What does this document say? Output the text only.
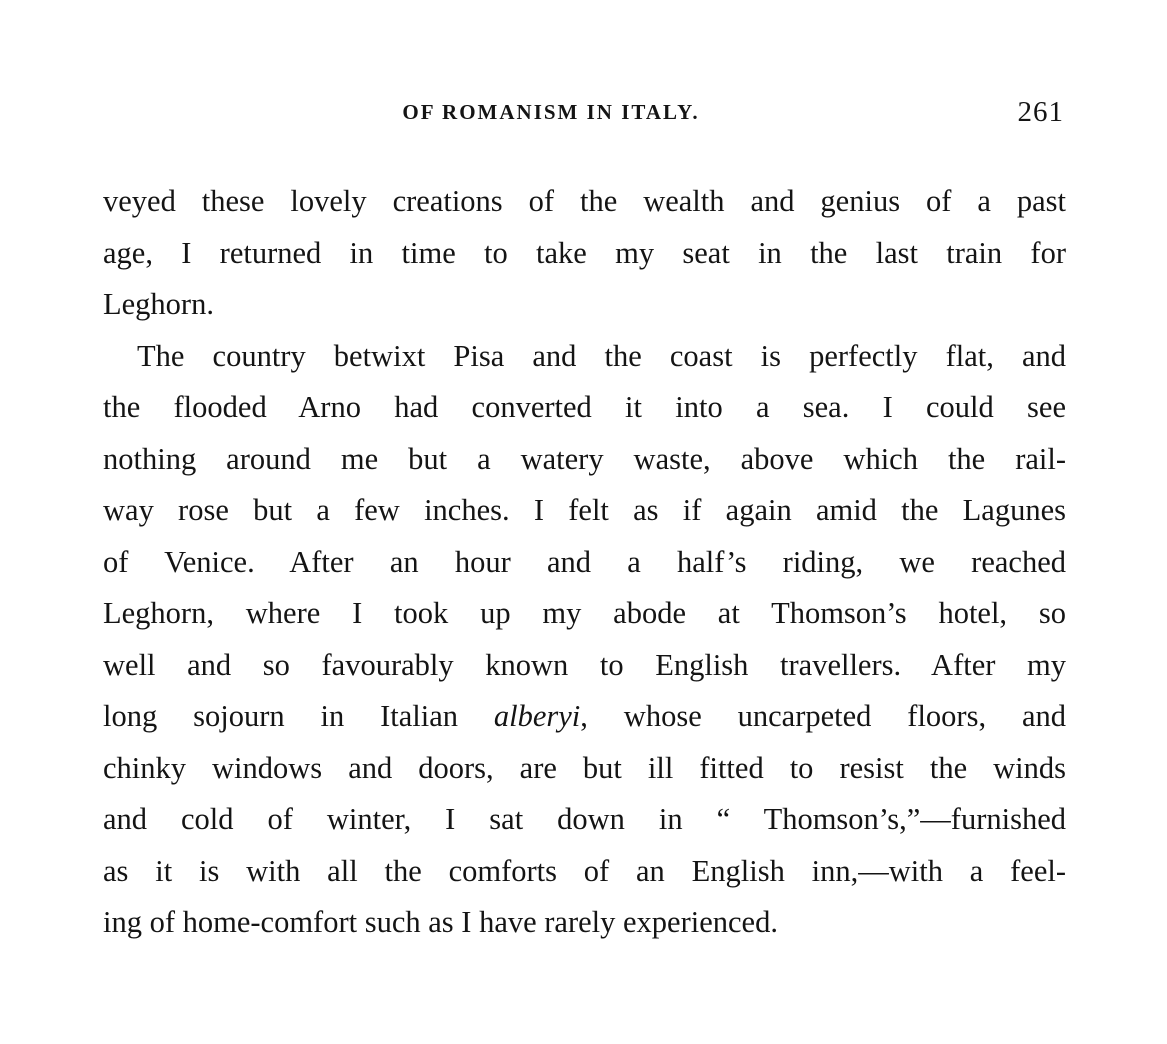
OF ROMANISM IN ITALY.	261
veyed these lovely creations of the wealth and genius of a past
age, I returned in time to take my seat in the last train for
Leghorn.
The country betwixt Pisa and the coast is perfectly flat, and
the flooded Arno had converted it into a sea. I could see
nothing around me but a watery waste, above which the rail-
way rose but a few inches. I felt as if again amid the Lagunes
of Venice. After an hour and a half’s riding, we reached
Leghorn, where I took up my abode at Thomson’s hotel, so
well and so favourably known to English travellers. After my
long sojourn in Italian alberyi, whose uncarpeted floors, and
chinky windows and doors, are but ill fitted to resist the winds
and cold of winter, I sat down in “ Thomson’s,”—furnished
as it is with all the comforts of an English inn,—with a feel-
ing of home-comfort such as I have rarely experienced.
